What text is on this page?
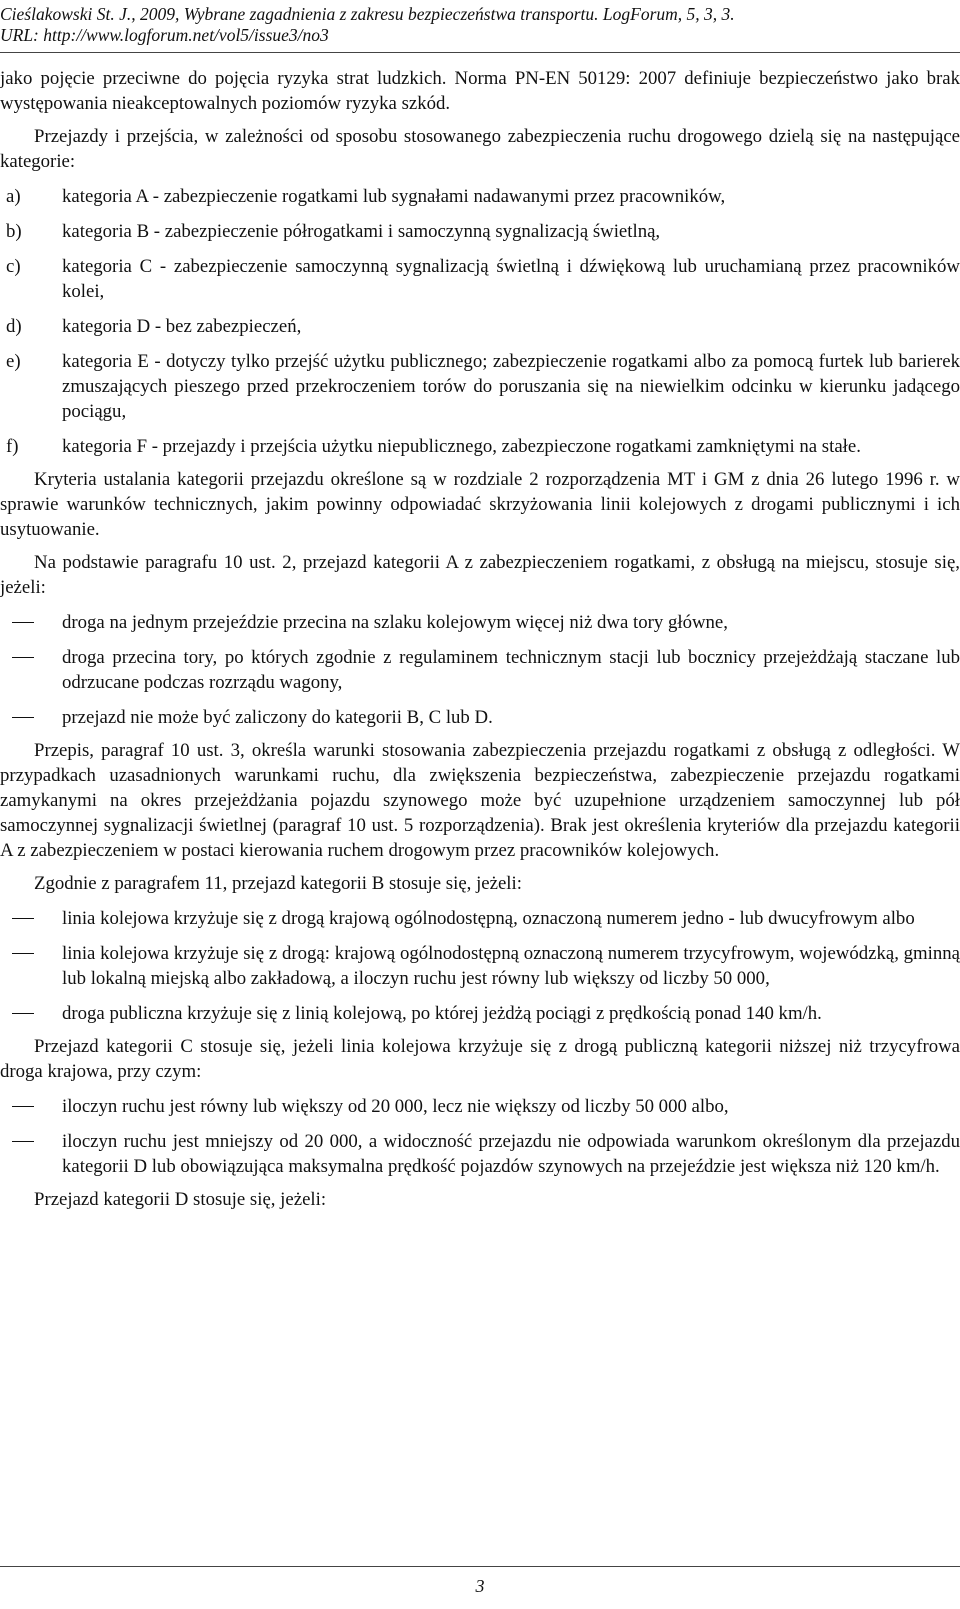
Cieślakowski St. J., 2009, Wybrane zagadnienia z zakresu bezpieczeństwa transportu. LogForum, 5, 3, 3.
URL: http://www.logforum.net/vol5/issue3/no3

jako pojęcie przeciwne do pojęcia ryzyka strat ludzkich. Norma PN-EN 50129: 2007 definiuje bezpieczeństwo jako brak występowania nieakceptowalnych poziomów ryzyka szkód.

Przejazdy i przejścia, w zależności od sposobu stosowanego zabezpieczenia ruchu drogowego dzielą się na następujące kategorie:

a) kategoria A - zabezpieczenie rogatkami lub sygnałami nadawanymi przez pracowników,
b) kategoria B - zabezpieczenie półrogatkami i samoczynną sygnalizacją świetlną,
c) kategoria C - zabezpieczenie samoczynną sygnalizacją świetlną i dźwiękową lub uruchamianą przez pracowników kolei,
d) kategoria D - bez zabezpieczeń,
e) kategoria E - dotyczy tylko przejść użytku publicznego; zabezpieczenie rogatkami albo za pomocą furtek lub barierek zmuszających pieszego przed przekroczeniem torów do poruszania się na niewielkim odcinku w kierunku jadącego pociągu,
f) kategoria F - przejazdy i przejścia użytku niepublicznego, zabezpieczone rogatkami zamkniętymi na stałe.

Kryteria ustalania kategorii przejazdu określone są w rozdziale 2 rozporządzenia MT i GM z dnia 26 lutego 1996 r. w sprawie warunków technicznych, jakim powinny odpowiadać skrzyżowania linii kolejowych z drogami publicznymi i ich usytuowanie.

Na podstawie paragrafu 10 ust. 2, przejazd kategorii A z zabezpieczeniem rogatkami, z obsługą na miejscu, stosuje się, jeżeli:

droga na jednym przejeździe przecina na szlaku kolejowym więcej niż dwa tory główne,
droga przecina tory, po których zgodnie z regulaminem technicznym stacji lub bocznicy przejeżdżają staczane lub odrzucane podczas rozrządu wagony,
przejazd nie może być zaliczony do kategorii B, C lub D.

Przepis, paragraf 10 ust. 3, określa warunki stosowania zabezpieczenia przejazdu rogatkami z obsługą z odległości. W przypadkach uzasadnionych warunkami ruchu, dla zwiększenia bezpieczeństwa, zabezpieczenie przejazdu rogatkami zamykanymi na okres przejeżdżania pojazdu szynowego może być uzupełnione urządzeniem samoczynnej lub pół samoczynnej sygnalizacji świetlnej (paragraf 10 ust. 5 rozporządzenia). Brak jest określenia kryteriów dla przejazdu kategorii A z zabezpieczeniem w postaci kierowania ruchem drogowym przez pracowników kolejowych.

Zgodnie z paragrafem 11, przejazd kategorii B stosuje się, jeżeli:

linia kolejowa krzyżuje się z drogą krajową ogólnodostępną, oznaczoną numerem jedno - lub dwucyfrowym albo
linia kolejowa krzyżuje się z drogą: krajową ogólnodostępną oznaczoną numerem trzycyfrowym, wojewódzką, gminną lub lokalną miejską albo zakładową, a iloczyn ruchu jest równy lub większy od liczby 50 000,
droga publiczna krzyżuje się z linią kolejową, po której jeżdżą pociągi z prędkością ponad 140 km/h.

Przejazd kategorii C stosuje się, jeżeli linia kolejowa krzyżuje się z drogą publiczną kategorii niższej niż trzycyfrowa droga krajowa, przy czym:

iloczyn ruchu jest równy lub większy od 20 000, lecz nie większy od liczby 50 000 albo,
iloczyn ruchu jest mniejszy od 20 000, a widoczność przejazdu nie odpowiada warunkom określonym dla przejazdu kategorii D lub obowiązująca maksymalna prędkość pojazdów szynowych na przejeździe jest większa niż 120 km/h.

Przejazd kategorii D stosuje się, jeżeli:

3
